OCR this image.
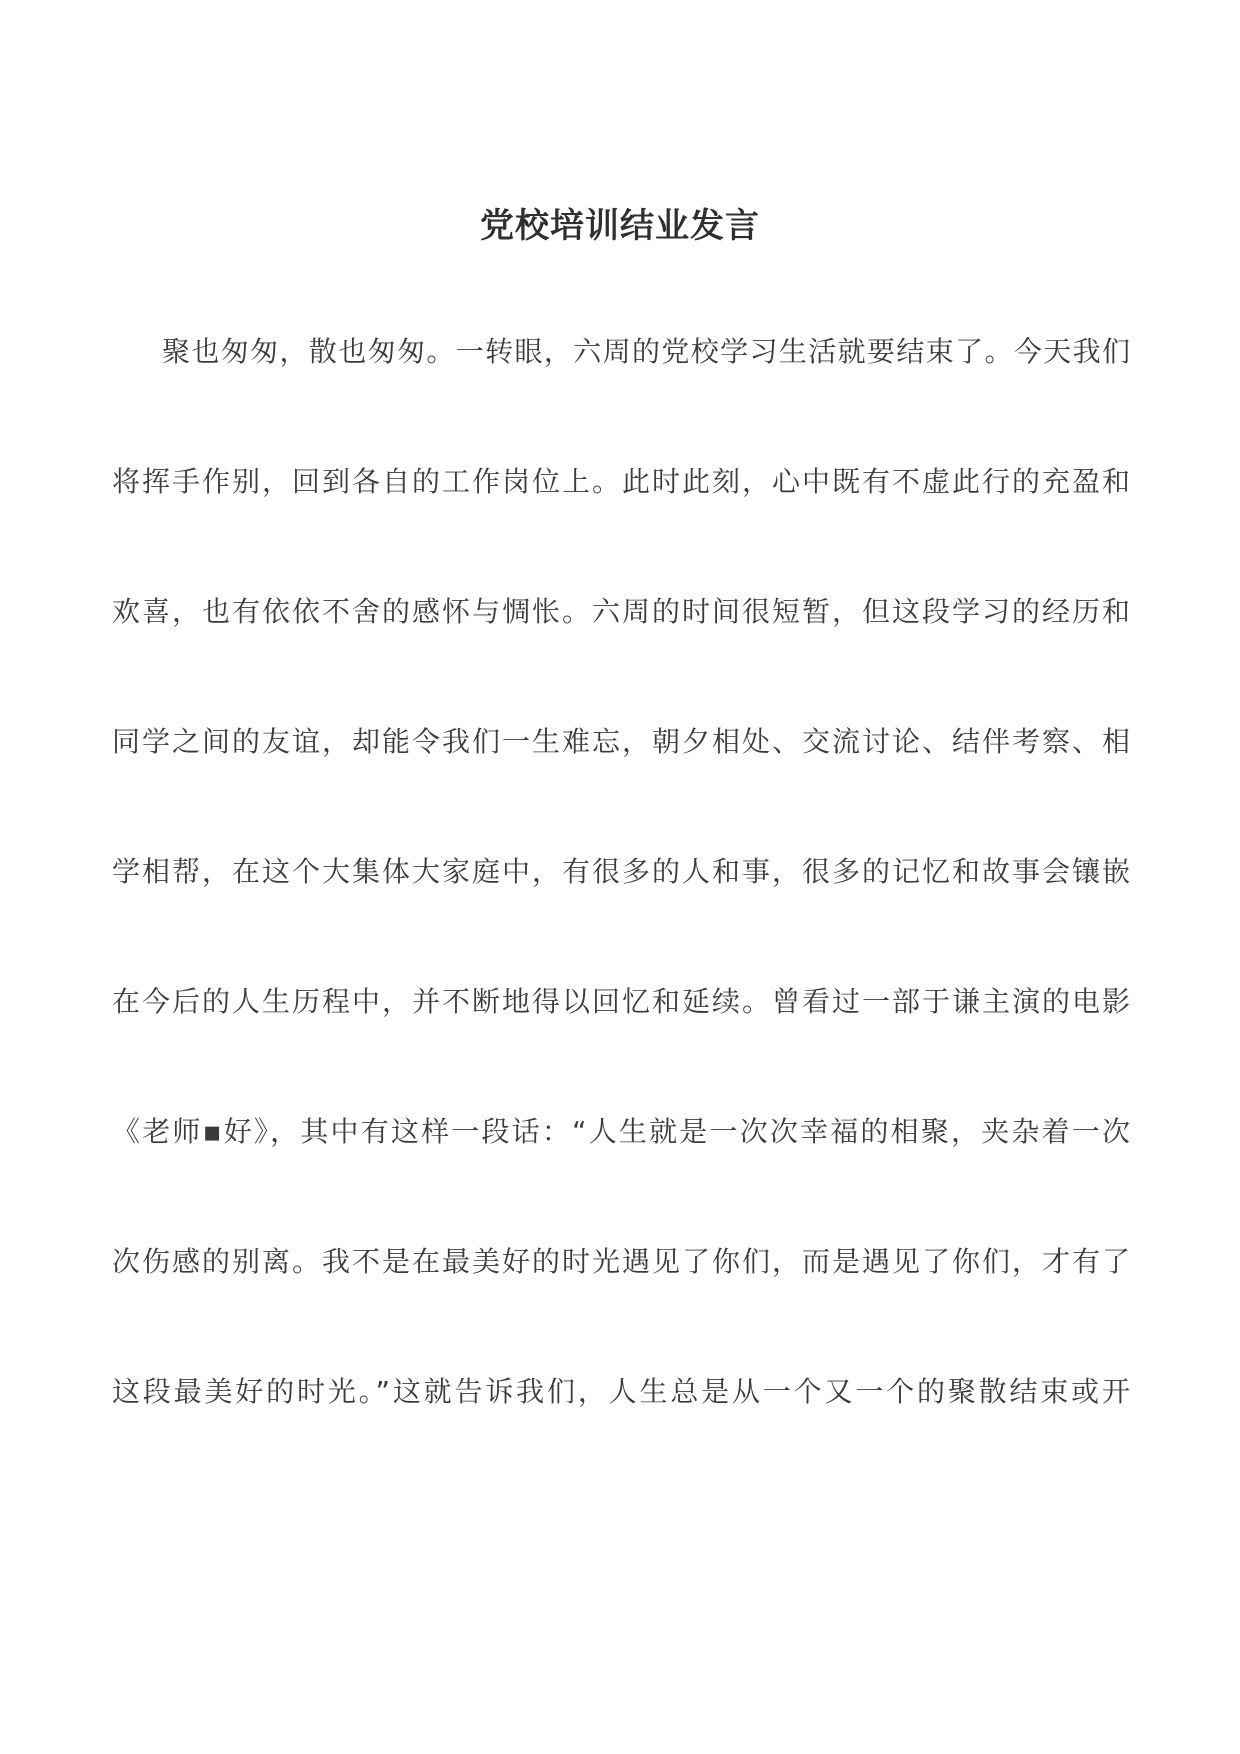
党校培训结业发言
聚也匆匆，散也匆匆。一转眼，六周的党校学习生活就要结束了。今天我们
将挥手作别，回到各自的工作岗位上。此时此刻，心中既有不虚此行的充盈和
欢喜，也有依依不舍的感怀与惆怅。六周的时间很短暂，但这段学习的经历和
同学之间的友谊，却能令我们一生难忘，朝夕相处、交流讨论、结伴考察、相
学相帮，在这个大集体大家庭中，有很多的人和事，很多的记忆和故事会镶嵌
在今后的人生历程中，并不断地得以回忆和延续。曾看过一部于谦主演的电影
《老师▪好》，其中有这样一段话：“人生就是一次次幸福的相聚，夹杂着一次
次伤感的别离。我不是在最美好的时光遇见了你们，而是遇见了你们，才有了
这段最美好的时光。”这就告诉我们，人生总是从一个又一个的聚散结束或开
